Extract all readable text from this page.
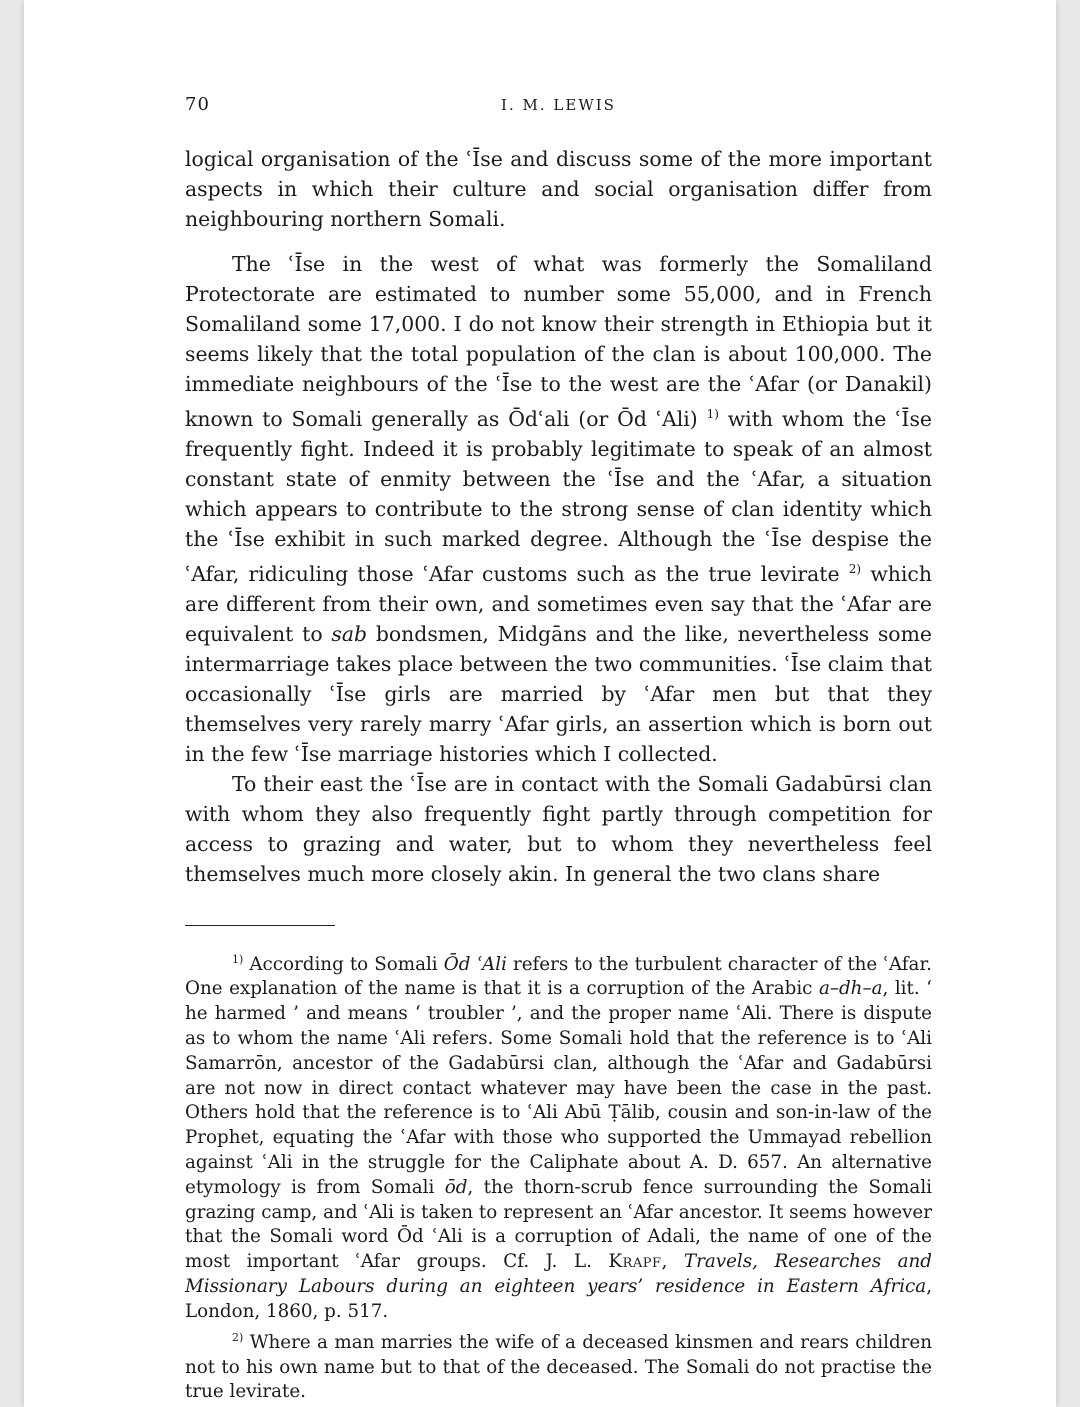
70	I. M. LEWIS

logical organisation of the ʿĪse and discuss some of the more important aspects in which their culture and social organisation differ from neighbouring northern Somali.

The ʿĪse in the west of what was formerly the Somaliland Protectorate are estimated to number some 55,000, and in French Somaliland some 17,000. I do not know their strength in Ethiopia but it seems likely that the total population of the clan is about 100,000. The immediate neighbours of the ʿĪse to the west are the ʿAfar (or Danakil) known to Somali generally as Ōdʿali (or Ōd ʿAli) $^{1)}$ with whom the ʿĪse frequently fight. Indeed it is probably legitimate to speak of an almost constant state of enmity between the ʿĪse and the ʿAfar, a situation which appears to contribute to the strong sense of clan identity which the ʿĪse exhibit in such marked degree. Although the ʿĪse despise the ʿAfar, ridiculing those ʿAfar customs such as the true levirate $^{2)}$ which are different from their own, and sometimes even say that the ʿAfar are equivalent to sab bondsmen, Midgāns and the like, nevertheless some intermarriage takes place between the two communities. ʿĪse claim that occasionally ʿĪse girls are married by ʿAfar men but that they themselves very rarely marry ʿAfar girls, an assertion which is born out in the few ʿĪse marriage histories which I collected.

To their east the ʿĪse are in contact with the Somali Gadabūrsi clan with whom they also frequently fight partly through competition for access to grazing and water, but to whom they nevertheless feel themselves much more closely akin. In general the two clans share

$^{1)}$ According to Somali Ōd ʿAli refers to the turbulent character of the ʿAfar. One explanation of the name is that it is a corruption of the Arabic a–dh–a, lit. ‘ he harmed ’ and means ‘ troubler ’, and the proper name ʿAli. There is dispute as to whom the name ʿAli refers. Some Somali hold that the reference is to ʿAli Samarrōn, ancestor of the Gadabūrsi clan, although the ʿAfar and Gadabūrsi are not now in direct contact whatever may have been the case in the past. Others hold that the reference is to ʿAli Abū Ṭālib, cousin and son-in-law of the Prophet, equating the ʿAfar with those who supported the Ummayad rebellion against ʿAli in the struggle for the Caliphate about A. D. 657. An alternative etymology is from Somali ōd, the thorn-scrub fence surrounding the Somali grazing camp, and ʿAli is taken to represent an ʿAfar ancestor. It seems however that the Somali word Ōd ʿAli is a corruption of Adali, the name of one of the most important ʿAfar groups. Cf. J. L. Krapf, Travels, Researches and Missionary Labours during an eighteen years’ residence in Eastern Africa, London, 1860, p. 517.

$^{2)}$ Where a man marries the wife of a deceased kinsmen and rears children not to his own name but to that of the deceased. The Somali do not practise the true levirate.
